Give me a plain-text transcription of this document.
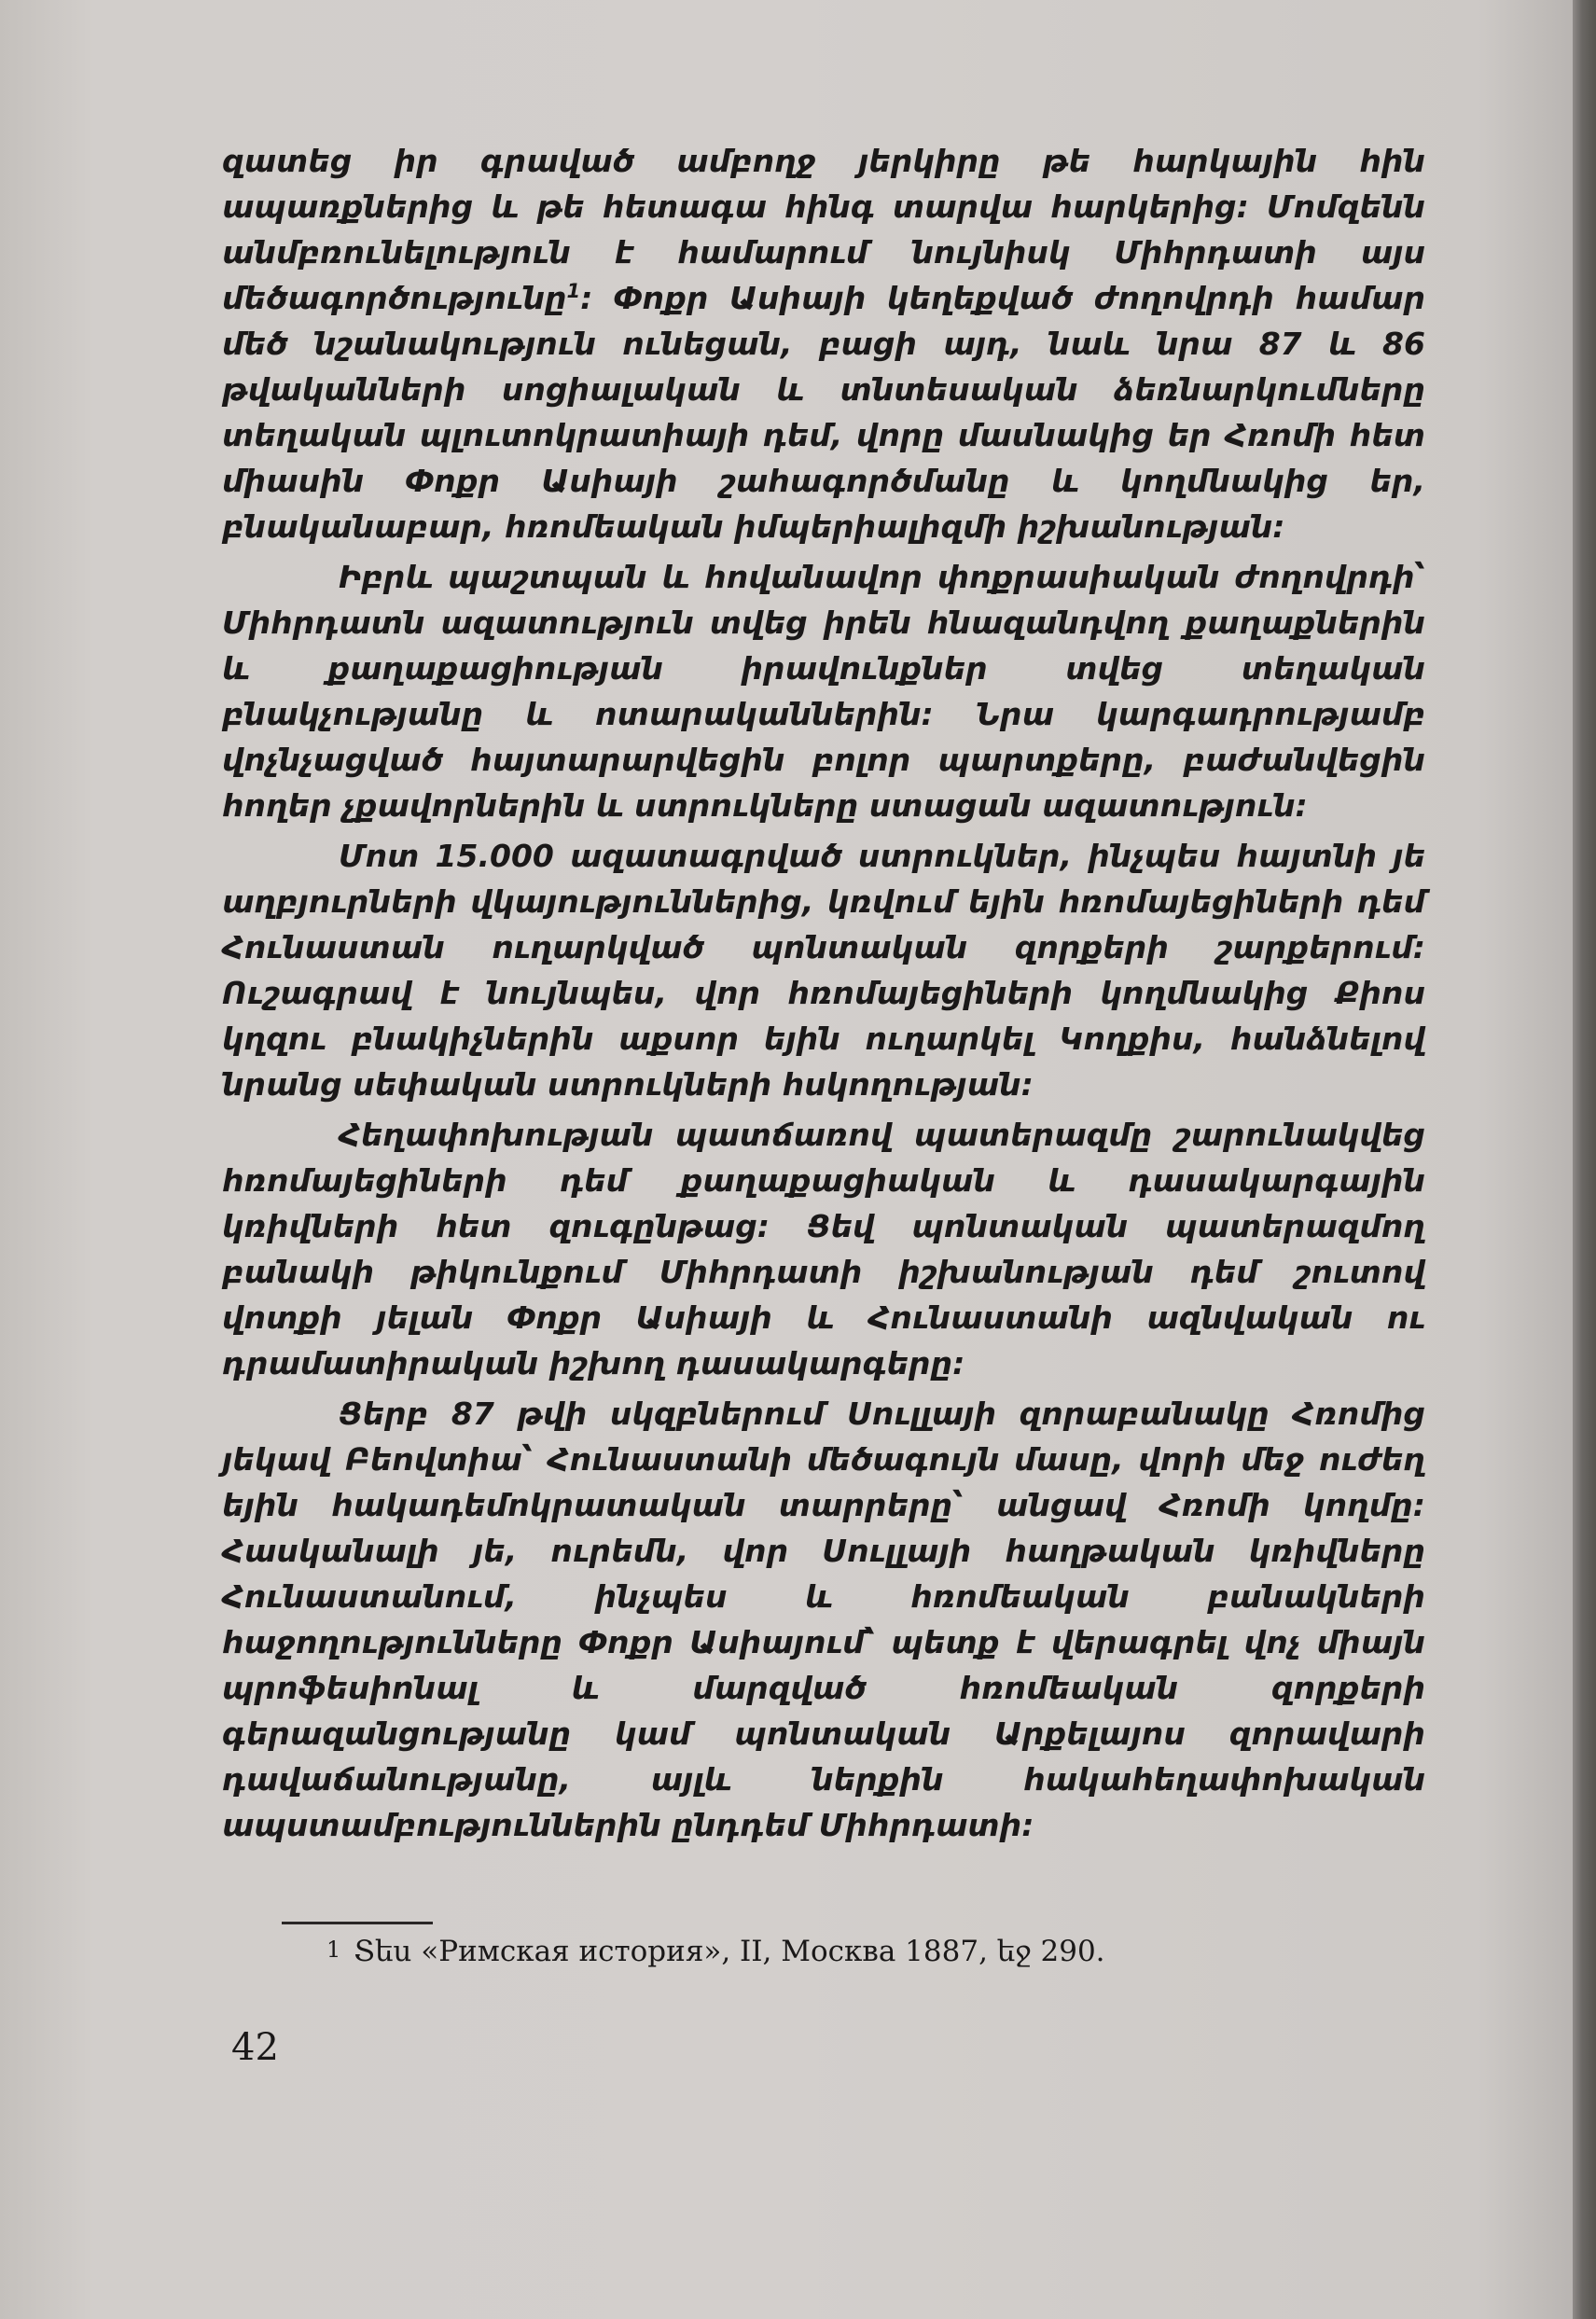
զատեց իր գրաված ամբողջ յերկիրը թե հարկային հին ապառքներից և թե հետագա հինգ տարվա հարկերից: Մոմզենն անմբռունելություն է համարում նույնիսկ Միհրդատի այս մեծագործությունը$^1$: Փոքր Ասիայի կեղեքված ժողովրդի համար մեծ նշանակություն ունեցան, բացի այդ, նաև նրա 87 և 86 թվականների սոցիալական և տնտեսական ձեռնարկումները տեղական պլուտոկրատիայի դեմ, վորը մասնակից եր Հռոմի հետ միասին Փոքր Ասիայի շահագործմանը և կողմնակից եր, բնականաբար, հռոմեական իմպերիալիզմի իշխանության:

Իբրև պաշտպան և հովանավոր փոքրասիական ժողովրդի՝ Միհրդատն ազատություն տվեց իրեն հնազանդվող քաղաքներին և քաղաքացիության իրավունքներ տվեց տեղական բնակչությանը և ոտարականներին: Նրա կարգադրությամբ վոչնչացված հայտարարվեցին բոլոր պարտքերը, բաժանվեցին հողեր չքավորներին և ստրուկները ստացան ազատություն:

Մոտ 15.000 ազատագրված ստրուկներ, ինչպես հայտնի յե աղբյուրների վկայություններից, կռվում եյին հռոմայեցիների դեմ Հունաստան ուղարկված պոնտական զորքերի շարքերում: Ուշագրավ է նույնպես, վոր հռոմայեցիների կողմնակից Քիոս կղզու բնակիչներին աքսոր եյին ուղարկել Կողքիս, հանձնելով նրանց սեփական ստրուկների հսկողության:

Հեղափոխության պատճառով պատերազմը շարունակվեց հռոմայեցիների դեմ քաղաքացիական և դասակարգային կռիվների հետ զուգընթաց: Ցեվ պոնտական պատերազմող բանակի թիկունքում Միհրդատի իշխանության դեմ շուտով վոտքի յելան Փոքր Ասիայի և Հունաստանի ազնվական ու դրամատիրական իշխող դասակարգերը:

Ցերբ 87 թվի սկզբներում Սուլլայի զորաբանակը Հռոմից յեկավ Բեովտիա՝ Հունաստանի մեծագույն մասը, վորի մեջ ուժեղ եյին հակադեմոկրատական տարրերը՝ անցավ Հռոմի կողմը: Հասկանալի յե, ուրեմն, վոր Սուլլայի հաղթական կռիվները Հունաստանում, ինչպես և հռոմեական բանակների հաջողությունները Փոքր Ասիայում՝ պետք է վերագրել վոչ միայն պրոֆեսիոնալ և մարզված հռոմեական զորքերի գերազանցությանը կամ պոնտական Արքելայոս զորավարի դավաճանությանը, այլև ներքին հակահեղափոխական ապստամբություններին ընդդեմ Միհրդատի:

1 Տես «Римская история», II, Москва 1887, եջ 290.
42
